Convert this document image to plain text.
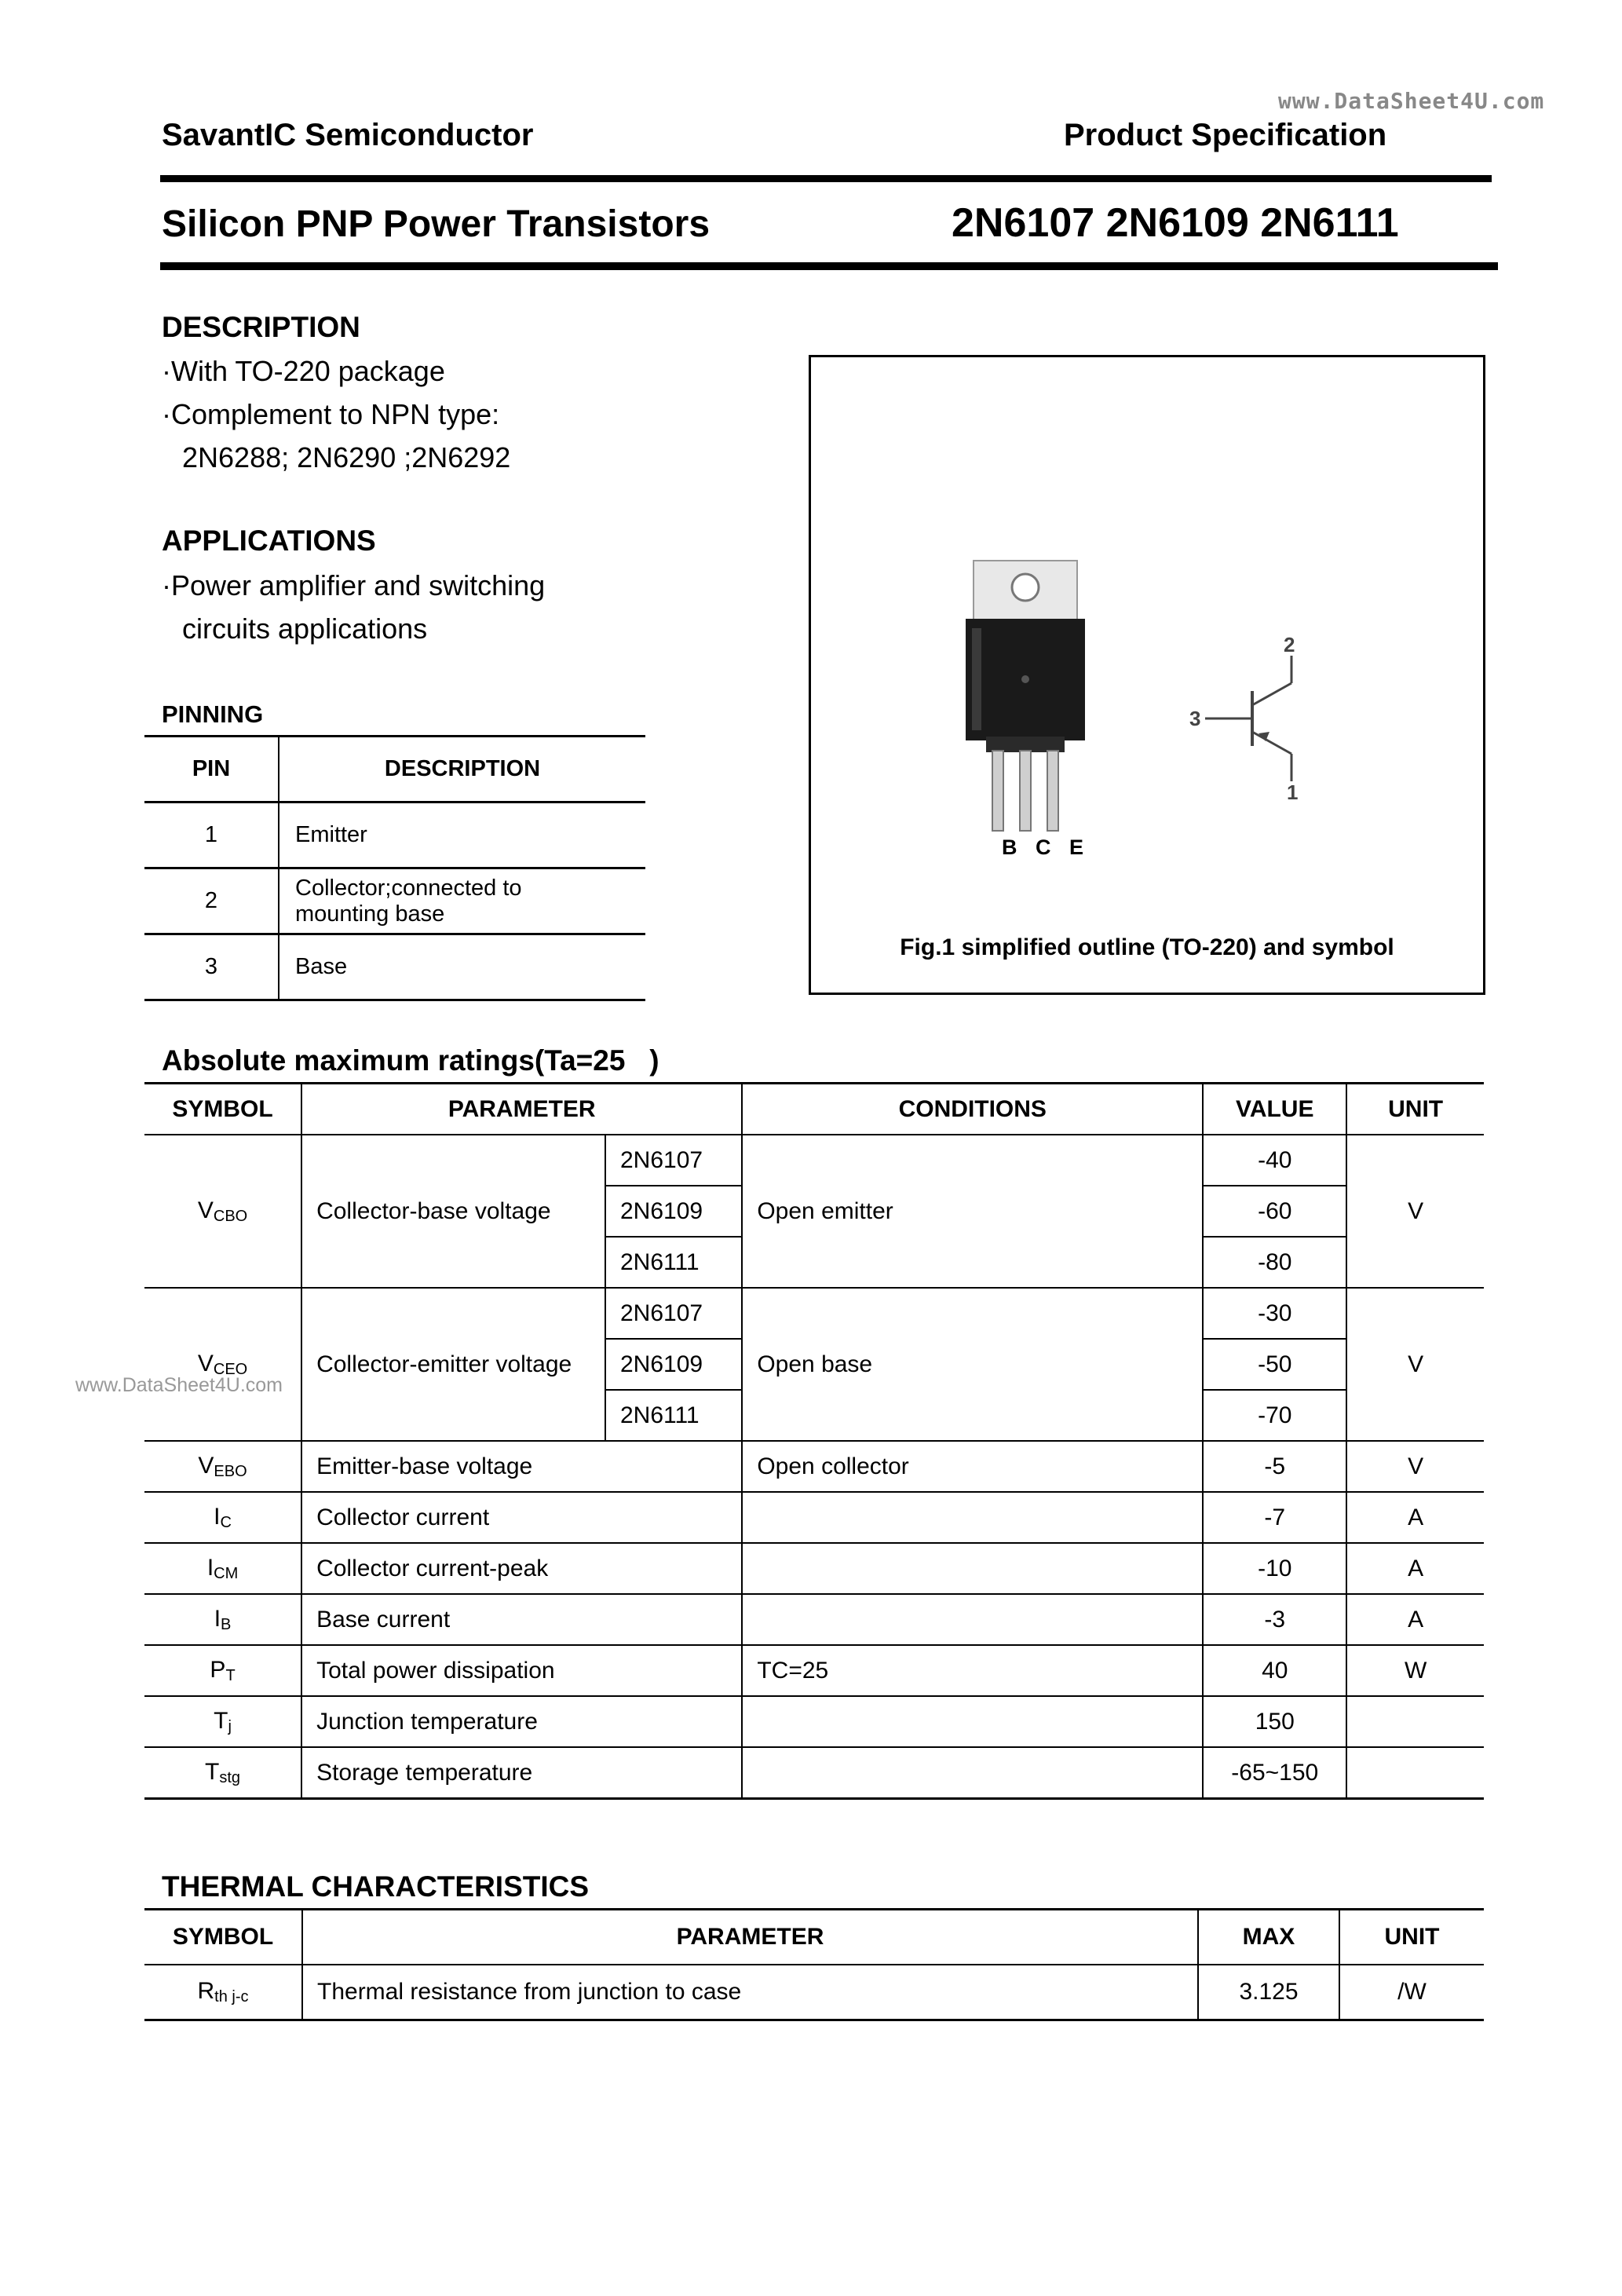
www.DataSheet4U.com
www.DataSheet4U.com
SavantIC Semiconductor	Product Specification
Silicon PNP Power Transistors	2N6107 2N6109 2N6111
DESCRIPTION
·With TO-220 package
·Complement to NPN type:
2N6288; 2N6290 ;2N6292
APPLICATIONS
·Power amplifier and switching
circuits applications
PINNING
PIN	DESCRIPTION
1	Emitter
2	Collector;connected to mounting base
3	Base
B C E
2
3
1
Fig.1 simplified outline (TO-220) and symbol
Absolute maximum ratings(Ta=25   )
SYMBOL	PARAMETER		CONDITIONS	VALUE	UNIT
$V_{CBO}$	Collector-base voltage	2N6107	Open emitter	-40	V
		2N6109		-60	
		2N6111		-80	
$V_{CEO}$	Collector-emitter voltage	2N6107	Open base	-30	V
		2N6109		-50	
		2N6111		-70	
$V_{EBO}$	Emitter-base voltage		Open collector	-5	V
$I_C$	Collector current			-7	A
$I_{CM}$	Collector current-peak			-10	A
$I_B$	Base current			-3	A
$P_T$	Total power dissipation		TC=25	40	W
$T_j$	Junction temperature			150	
$T_{stg}$	Storage temperature			-65~150	
THERMAL CHARACTERISTICS
SYMBOL	PARAMETER	MAX	UNIT
$R_{th j-c}$	Thermal resistance from junction to case	3.125	/W
